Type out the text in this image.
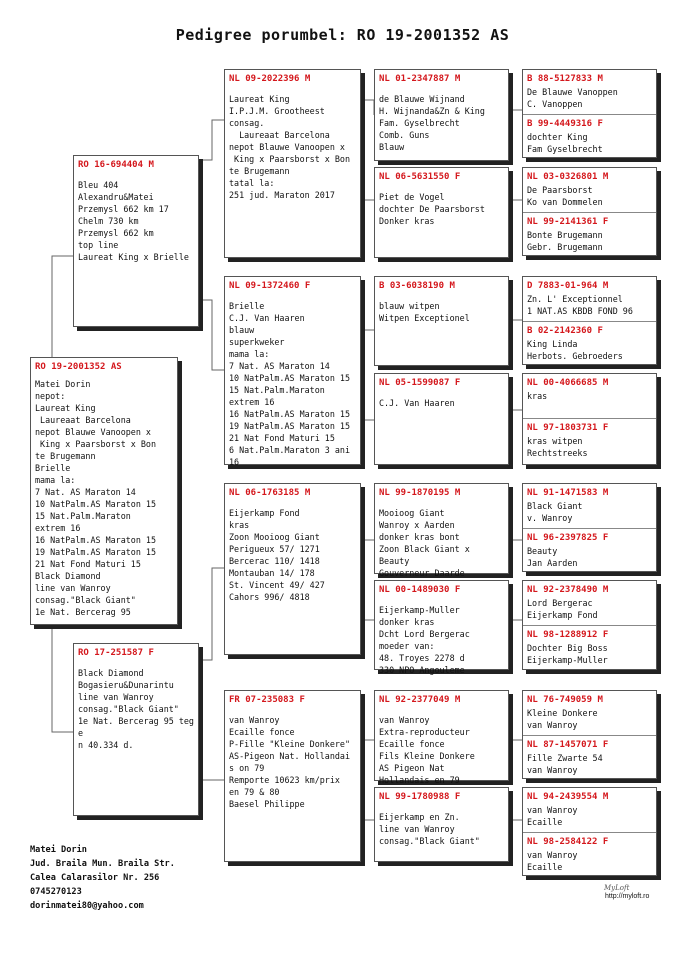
Pedigree porumbel: RO 19-2001352 AS
RO 19-2001352 AS
Matei Dorin
nepot:
Laureat King
Laureaat Barcelona
nepot Blauwe Vanoopen x
King x Paarsborst x Bon
te Brugemann
Brielle
mama la:
7 Nat. AS Maraton 14
10 NatPalm.AS Maraton 15
15 Nat.Palm.Maraton
extrem 16
16 NatPalm.AS Maraton 15
19 NatPalm.AS Maraton 15
21 Nat Fond Maturi 15
Black Diamond
line van Wanroy
consag."Black Giant"
1e Nat. Bercerag 95
RO 16-694404 M
Bleu 404
Alexandru&Matei
Przemysl 662 km 17
Chelm 730 km
Przemysl 662 km
top line
Laureat King x Brielle
RO 17-251587 F
Black Diamond
Bogasieru&Dunarintu
line van Wanroy
consag."Black Giant"
1e Nat. Bercerag 95 tege
n 40.334 d.
NL 09-2022396 M
Laureat King
I.P.J.M. Grootheest
consag.
Laureaat Barcelona
nepot Blauwe Vanoopen x
King x Paarsborst x Bon
te Brugemann
tatal la:
251 jud. Maraton 2017
NL 09-1372460 F
Brielle
C.J. Van Haaren
blauw
superkweker
mama la:
7 Nat. AS Maraton 14
10 NatPalm.AS Maraton 15
15 Nat.Palm.Maraton
extrem 16
16 NatPalm.AS Maraton 15
19 NatPalm.AS Maraton 15
21 Nat Fond Maturi 15
6 Nat.Palm.Maraton 3 ani
16
NL 06-1763185 M
Eijerkamp Fond
kras
Zoon Mooioog Giant
Perigueux 57/ 1271
Bercerac 110/ 1418
Montauban 14/ 178
St. Vincent 49/ 427
Cahors 996/ 4818
FR 07-235083 F
van Wanroy
Ecaille fonce
P-Fille "Kleine Donkere"
AS-Pigeon Nat. Hollandai
s on 79
Remporte 10623 km/prix
en 79 & 80
Baesel Philippe
NL 01-2347887 M
de Blauwe Wijnand
H. Wijnanda&Zn & King
Fam. Gyselbrecht
Comb. Guns
Blauw
NL 06-5631550 F
Piet de Vogel
dochter De Paarsborst
Donker kras
B 03-6038190 M
blauw witpen
Witpen Exceptionel
NL 05-1599087 F
C.J. Van Haaren
NL 99-1870195 M
Mooioog Giant
Wanroy x Aarden
donker kras bont
Zoon Black Giant x
Beauty
Gouverneur Daarde
NL 00-1489030 F
Eijerkamp-Muller
donker kras
Dcht Lord Bergerac
moeder van:
48. Troyes 2278 d
330 NPO Angouleme
NL 92-2377049 M
van Wanroy
Extra-reproducteur
Ecaille fonce
Fils Kleine Donkere
AS Pigeon Nat
Hollandais en 79
NL 99-1780988 F
Eijerkamp en Zn.
line van Wanroy
consag."Black Giant"
B 88-5127833 M
De Blauwe Vanoppen
C. Vanoppen
B 99-4449316 F
dochter King
Fam Gyselbrecht
NL 03-0326801 M
De Paarsborst
Ko van Dommelen
NL 99-2141361 F
Bonte Brugemann
Gebr. Brugemann
D 7883-01-964 M
Zn. L' Exceptionnel
1 NAT.AS KBDB FOND 96
B 02-2142360 F
King Linda
Herbots. Gebroeders
NL 00-4066685 M
kras
NL 97-1803731 F
kras witpen
Rechtstreeks
NL 91-1471583 M
Black Giant
v. Wanroy
NL 96-2397825 F
Beauty
Jan Aarden
NL 92-2378490 M
Lord Bergerac
Eijerkamp Fond
NL 98-1288912 F
Dochter Big Boss
Eijerkamp-Muller
NL 76-749059 M
Kleine Donkere
van Wanroy
NL 87-1457071 F
Fille Zwarte 54
van Wanroy
NL 94-2439554 M
van Wanroy
Ecaille
NL 98-2584122 F
van Wanroy
Ecaille
Matei Dorin
Jud. Braila Mun. Braila Str.
Calea Calarasilor Nr. 256
0745270123
dorinmatei80@yahoo.com
MyLoft
http://myloft.ro
